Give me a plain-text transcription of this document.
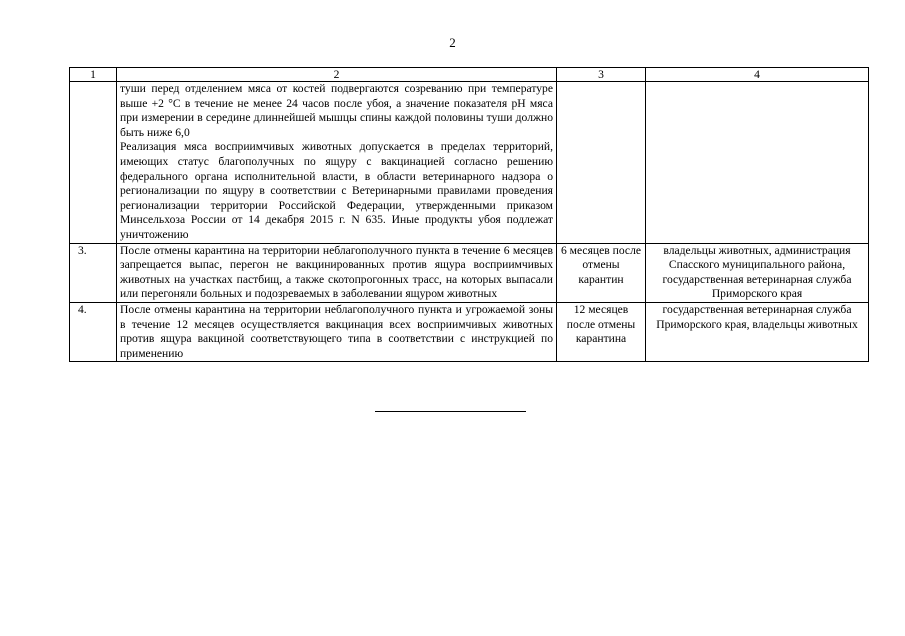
2
1	2	3	4

	туши перед отделением мяса от костей подвергаются созреванию при температуре выше +2 °С в течение не менее 24 часов после убоя, а значение показателя pH мяса при измерении в середине длиннейшей мышцы спины каждой половины туши должно быть ниже 6,0

Реализация мяса восприимчивых животных допускается в пределах территорий, имеющих статус благополучных по ящуру с вакцинацией согласно решению федерального органа исполнительной власти, в области ветеринарного надзора о регионализации по ящуру в соответствии с Ветеринарными правилами проведения регионализации территории Российской Федерации, утвержденными приказом Минсельхоза России от 14 декабря 2015 г. N 635. Иные продукты убоя подлежат уничтожению		

3.	После отмены карантина на территории неблагополучного пункта в течение 6 месяцев запрещается выпас, перегон не вакцинированных против ящура восприимчивых животных на участках пастбищ, а также скотопрогонных трасс, на которых выпасали или перегоняли больных и подозреваемых в заболевании ящуром животных	6 месяцев после отмены карантин	владельцы животных, администрация Спасского муниципального района, государственная ветеринарная служба Приморского края
4.	После отмены карантина на территории неблагополучного пункта и угрожаемой зоны в течение 12 месяцев осуществляется вакцинация всех восприимчивых животных против ящура вакциной соответствующего типа в соответствии с инструкцией по применению	12 месяцев после отмены карантина	государственная ветеринарная служба Приморского края, владельцы животных
